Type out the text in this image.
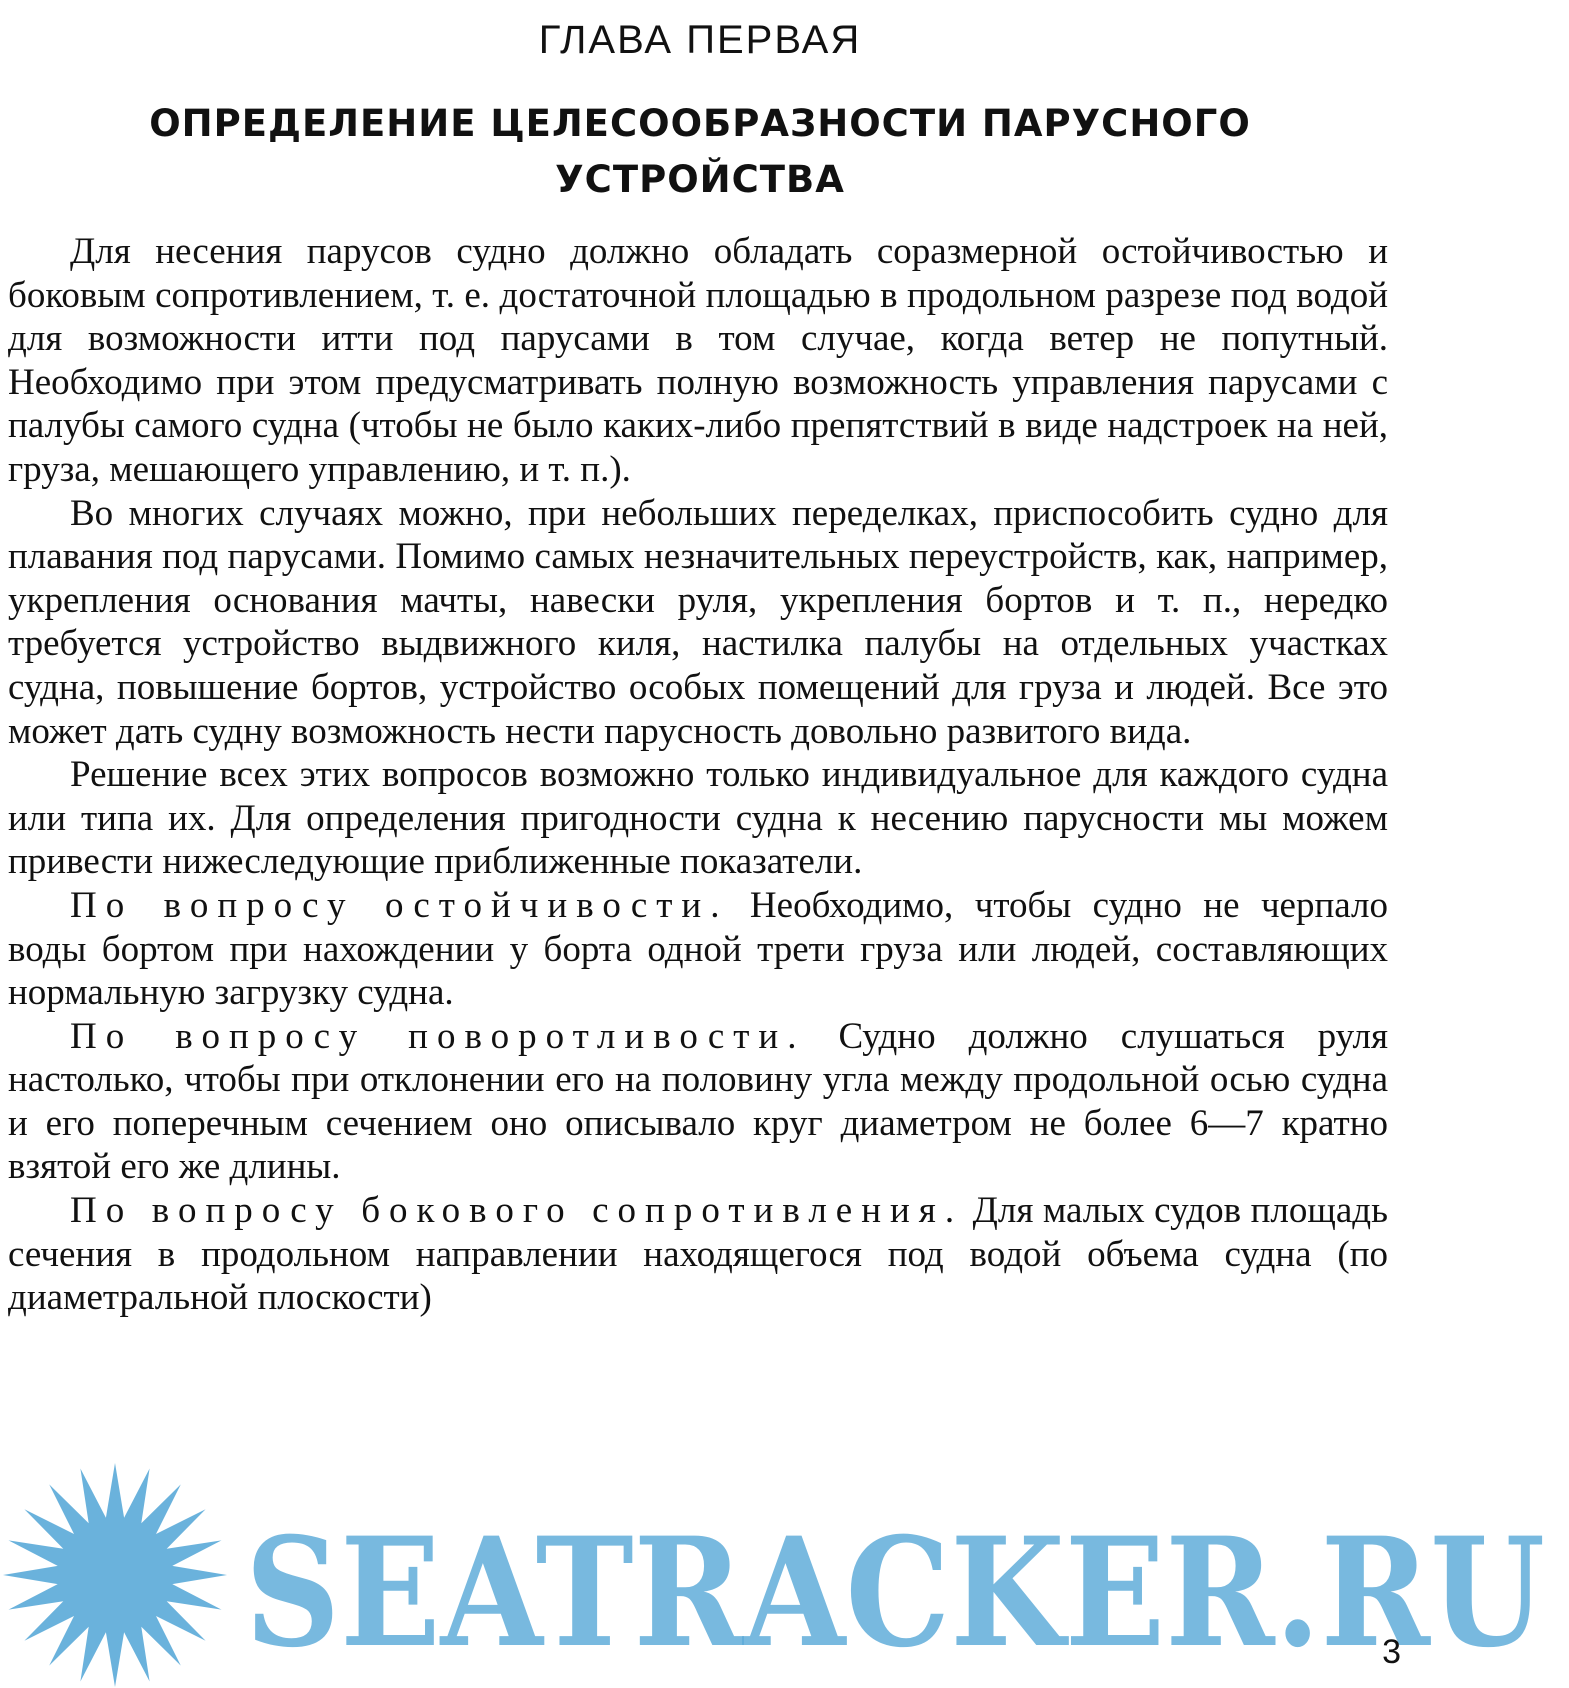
ГЛАВА ПЕРВАЯ
ОПРЕДЕЛЕНИЕ ЦЕЛЕСООБРАЗНОСТИ ПАРУСНОГО
УСТРОЙСТВА

Для несения парусов судно должно обладать соразмерной остойчивостью и боковым сопротивлением, т. е. достаточной площадью в продольном разрезе под водой для возможности итти под парусами в том случае, когда ветер не попутный. Необходимо при этом предусматривать полную возможность управления парусами с палубы самого судна (чтобы не было каких-либо препятствий в виде надстроек на ней, груза, мешающего управлению, и т. п.).

Во многих случаях можно, при небольших переделках, приспособить судно для плавания под парусами. Помимо самых незначительных переустройств, как, например, укрепления основания мачты, навески руля, укрепления бортов и т. п., нередко требуется устройство выдвижного киля, настилка палубы на отдельных участках судна, повышение бортов, устройство особых помещений для груза и людей. Все это может дать судну возможность нести парусность довольно развитого вида.

Решение всех этих вопросов возможно только индивидуальное для каждого судна или типа их. Для определения пригодности судна к несению парусности мы можем привести нижеследующие приближенные показатели.

По вопросу остойчивости. Необходимо, чтобы судно не черпало воды бортом при нахождении у борта одной трети груза или людей, составляющих нормальную загрузку судна.

По вопросу поворотливости. Судно должно слушаться руля настолько, чтобы при отклонении его на половину угла между продольной осью судна и его поперечным сечением оно описывало круг диаметром не более 6—7 кратно взятой его же длины.

По вопросу бокового сопротивления. Для малых судов площадь сечения в продольном направлении находящегося под водой объема судна (по диаметральной плоскости)

SEATRACKER.RU
3
